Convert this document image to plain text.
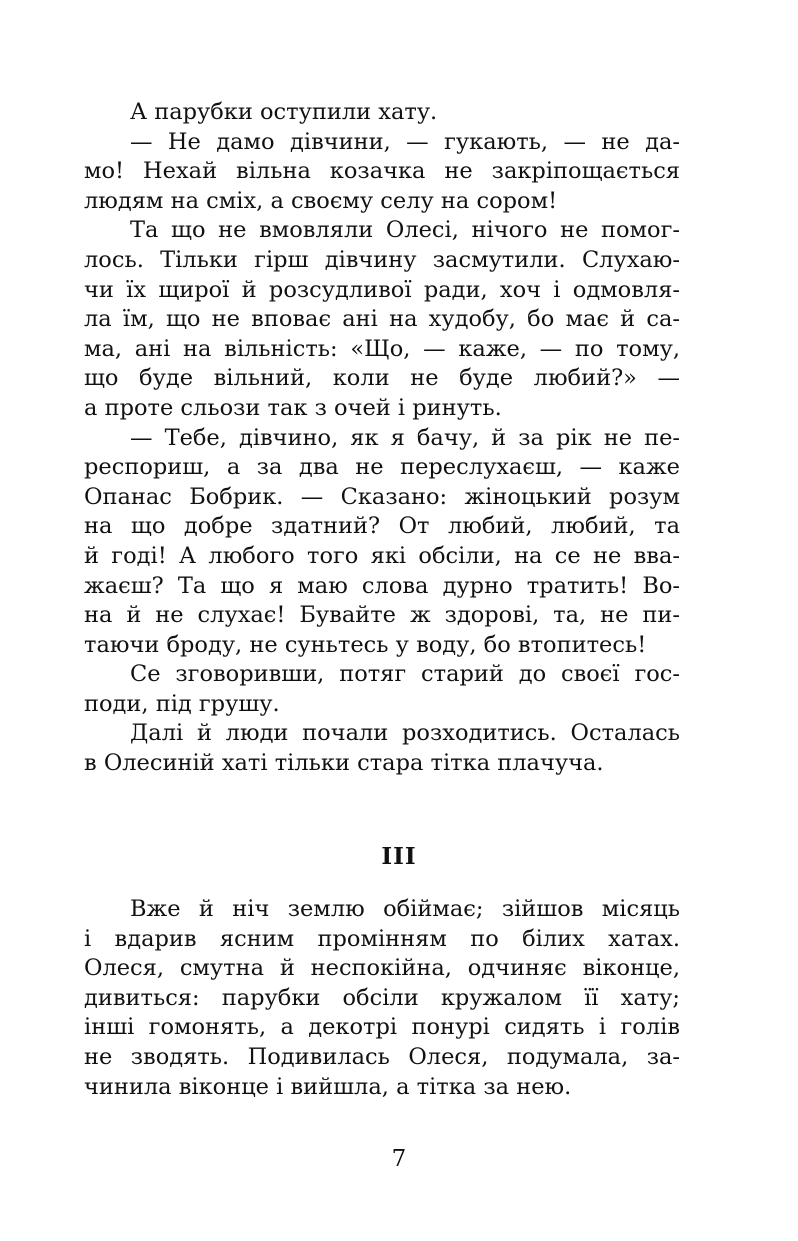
А парубки оступили хату.
— Не дамо дівчини, — гукають, — не да-
мо! Нехай вільна козачка не закріпощається
людям на сміх, а своєму селу на сором!
Та що не вмовляли Олесі, нічого не помог-
лось. Тільки гірш дівчину засмутили. Слухаю-
чи їх щирої й розсудливої ради, хоч і одмовля-
ла їм, що не вповає ані на худобу, бо має й са-
ма, ані на вільність: «Що, — каже, — по тому,
що буде вільний, коли не буде любий?» —
а проте сльози так з очей і ринуть.
— Тебе, дівчино, як я бачу, й за рік не пе-
респориш, а за два не переслухаєш, — каже
Опанас Бобрик. — Сказано: жіноцький розум
на що добре здатний? От любий, любий, та
й годі! А любого того які обсіли, на се не вва-
жаєш? Та що я маю слова дурно тратить! Во-
на й не слухає! Бувайте ж здорові, та, не пи-
таючи броду, не суньтесь у воду, бо втопитесь!
Се зговоривши, потяг старий до своєї гос-
поди, під грушу.
Далі й люди почали розходитись. Осталась
в Олесиній хаті тільки стара тітка плачуча.
III
Вже й ніч землю обіймає; зійшов місяць
і вдарив ясним промінням по білих хатах.
Олеся, смутна й неспокійна, одчиняє віконце,
дивиться: парубки обсіли кружалом її хату;
інші гомонять, а декотрі понурі сидять і голів
не зводять. Подивилась Олеся, подумала, за-
чинила віконце і вийшла, а тітка за нею.
7
